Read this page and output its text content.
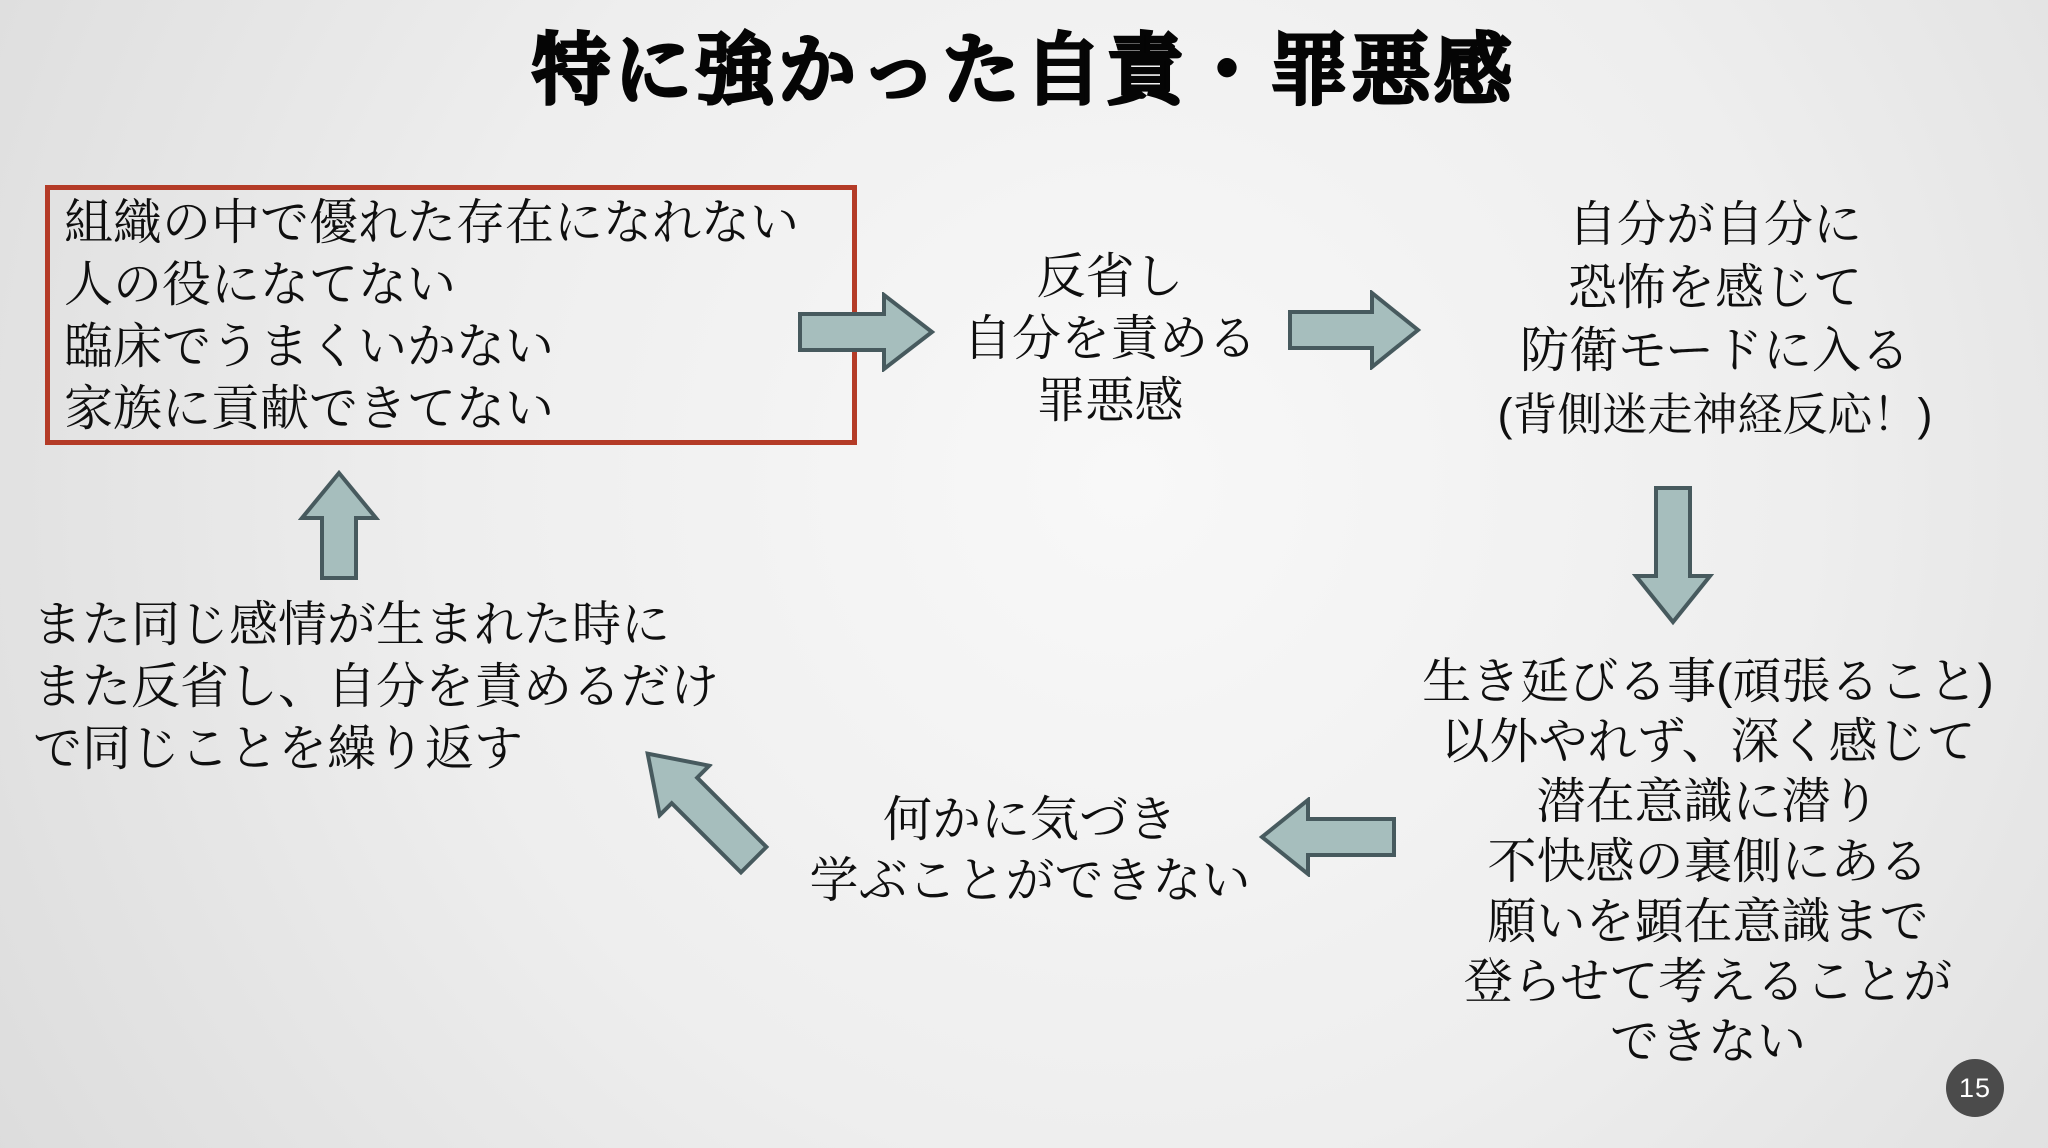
特に強かった自責・罪悪感
組織の中で優れた存在になれない
人の役になてない
臨床でうまくいかない
家族に貢献できてない
反省し
自分を責める
罪悪感
自分が自分に
恐怖を感じて
防衛モードに入る
(背側迷走神経反応！)
生き延びる事(頑張ること)
以外やれず、深く感じて
潜在意識に潜り
不快感の裏側にある
願いを顕在意識まで
登らせて考えることが
できない
何かに気づき
学ぶことができない
また同じ感情が生まれた時に
また反省し、自分を責めるだけ
で同じことを繰り返す
15
